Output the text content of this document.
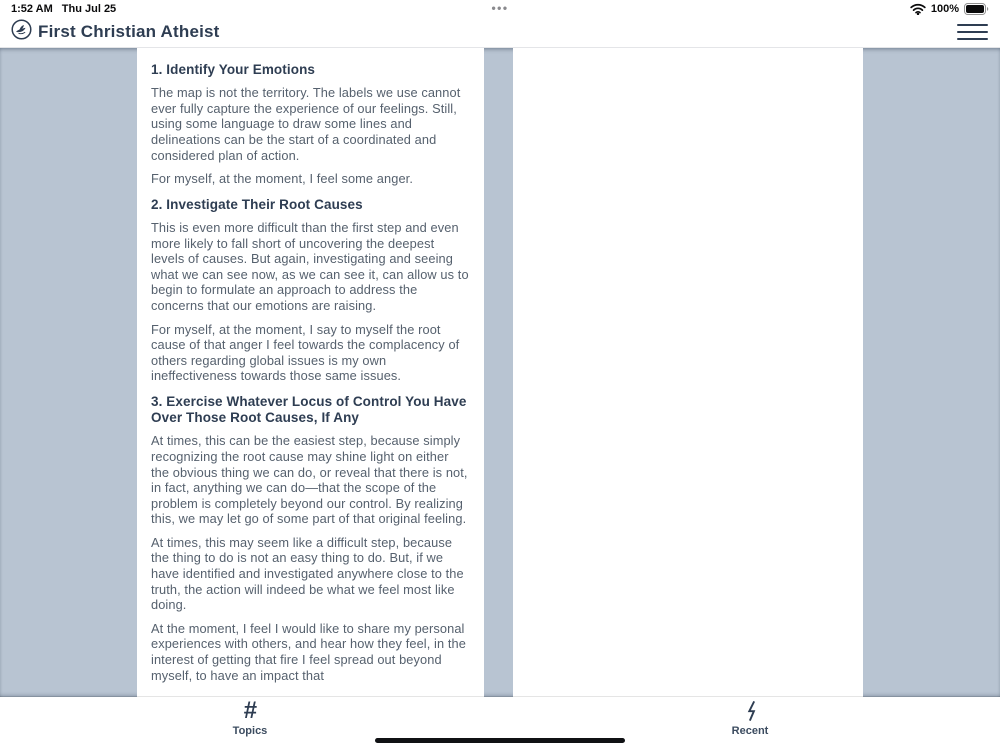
1:52 AM Thu Jul 25	•••	100%
First Christian Atheist
1. Identify Your Emotions

The map is not the territory. The labels we use cannot ever fully capture the experience of our feelings. Still, using some language to draw some lines and delineations can be the start of a coordinated and considered plan of action.

For myself, at the moment, I feel some anger.

2. Investigate Their Root Causes

This is even more difficult than the first step and even more likely to fall short of uncovering the deepest levels of causes. But again, investigating and seeing what we can see now, as we can see it, can allow us to begin to formulate an approach to address the concerns that our emotions are raising.

For myself, at the moment, I say to myself the root cause of that anger I feel towards the complacency of others regarding global issues is my own ineffectiveness towards those same issues.

3. Exercise Whatever Locus of Control You Have Over Those Root Causes, If Any

At times, this can be the easiest step, because simply recognizing the root cause may shine light on either the obvious thing we can do, or reveal that there is not, in fact, anything we can do—that the scope of the problem is completely beyond our control. By realizing this, we may let go of some part of that original feeling.

At times, this may seem like a difficult step, because the thing to do is not an easy thing to do. But, if we have identified and investigated anywhere close to the truth, the action will indeed be what we feel most like doing.

At the moment, I feel I would like to share my personal experiences with others, and hear how they feel, in the interest of getting that fire I feel spread out beyond myself, to have an impact that

#
Topics	Recent
